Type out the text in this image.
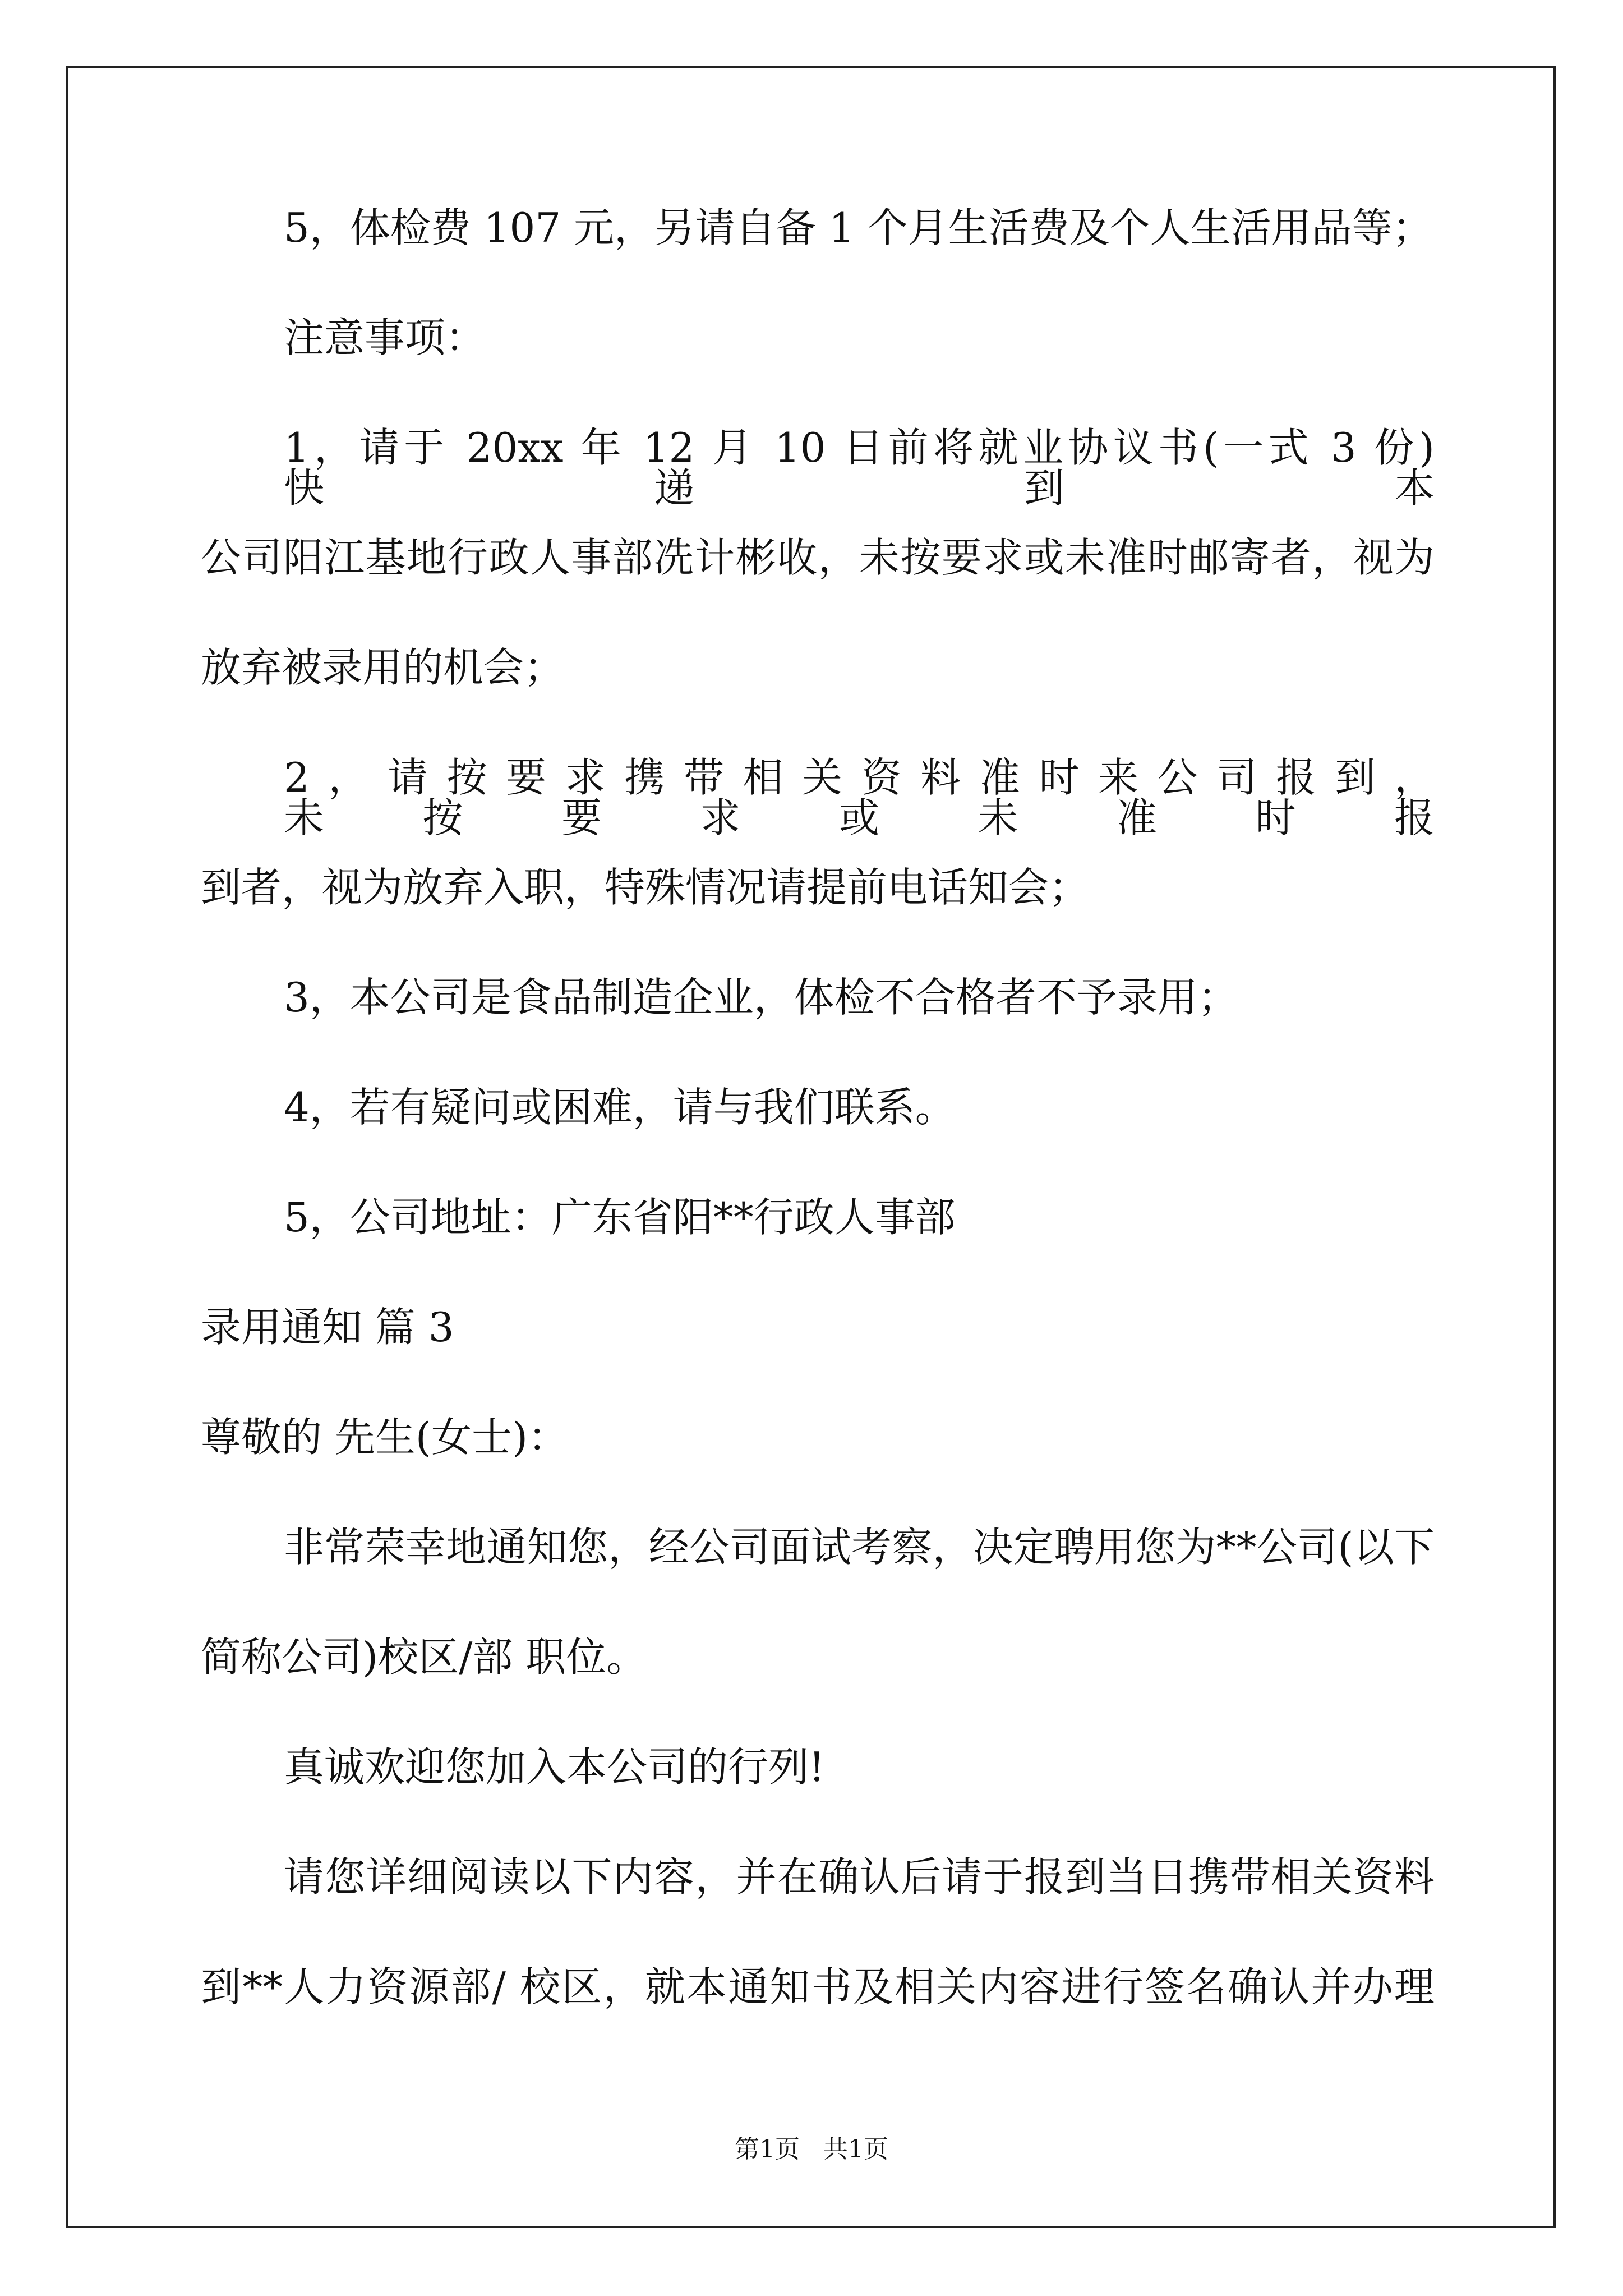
5，体检费 107 元，另请自备 1 个月生活费及个人生活用品等；
注意事项：
1，请于 20xx 年 12 月 10 日前将就业协议书(一式 3 份)快递到本
公司阳江基地行政人事部冼计彬收，未按要求或未准时邮寄者，视为
放弃被录用的机会；
2，请按要求携带相关资料准时来公司报到，未按要求或未准时报
到者，视为放弃入职，特殊情况请提前电话知会；
3，本公司是食品制造企业，体检不合格者不予录用；
4，若有疑问或困难，请与我们联系。
5，公司地址：广东省阳**行政人事部
录用通知 篇 3
尊敬的 先生(女士)：
非常荣幸地通知您，经公司面试考察，决定聘用您为**公司(以下
简称公司)校区/部 职位。
真诚欢迎您加入本公司的行列!
请您详细阅读以下内容，并在确认后请于报到当日携带相关资料
到**人力资源部/ 校区，就本通知书及相关内容进行签名确认并办理
第1页   共1页
